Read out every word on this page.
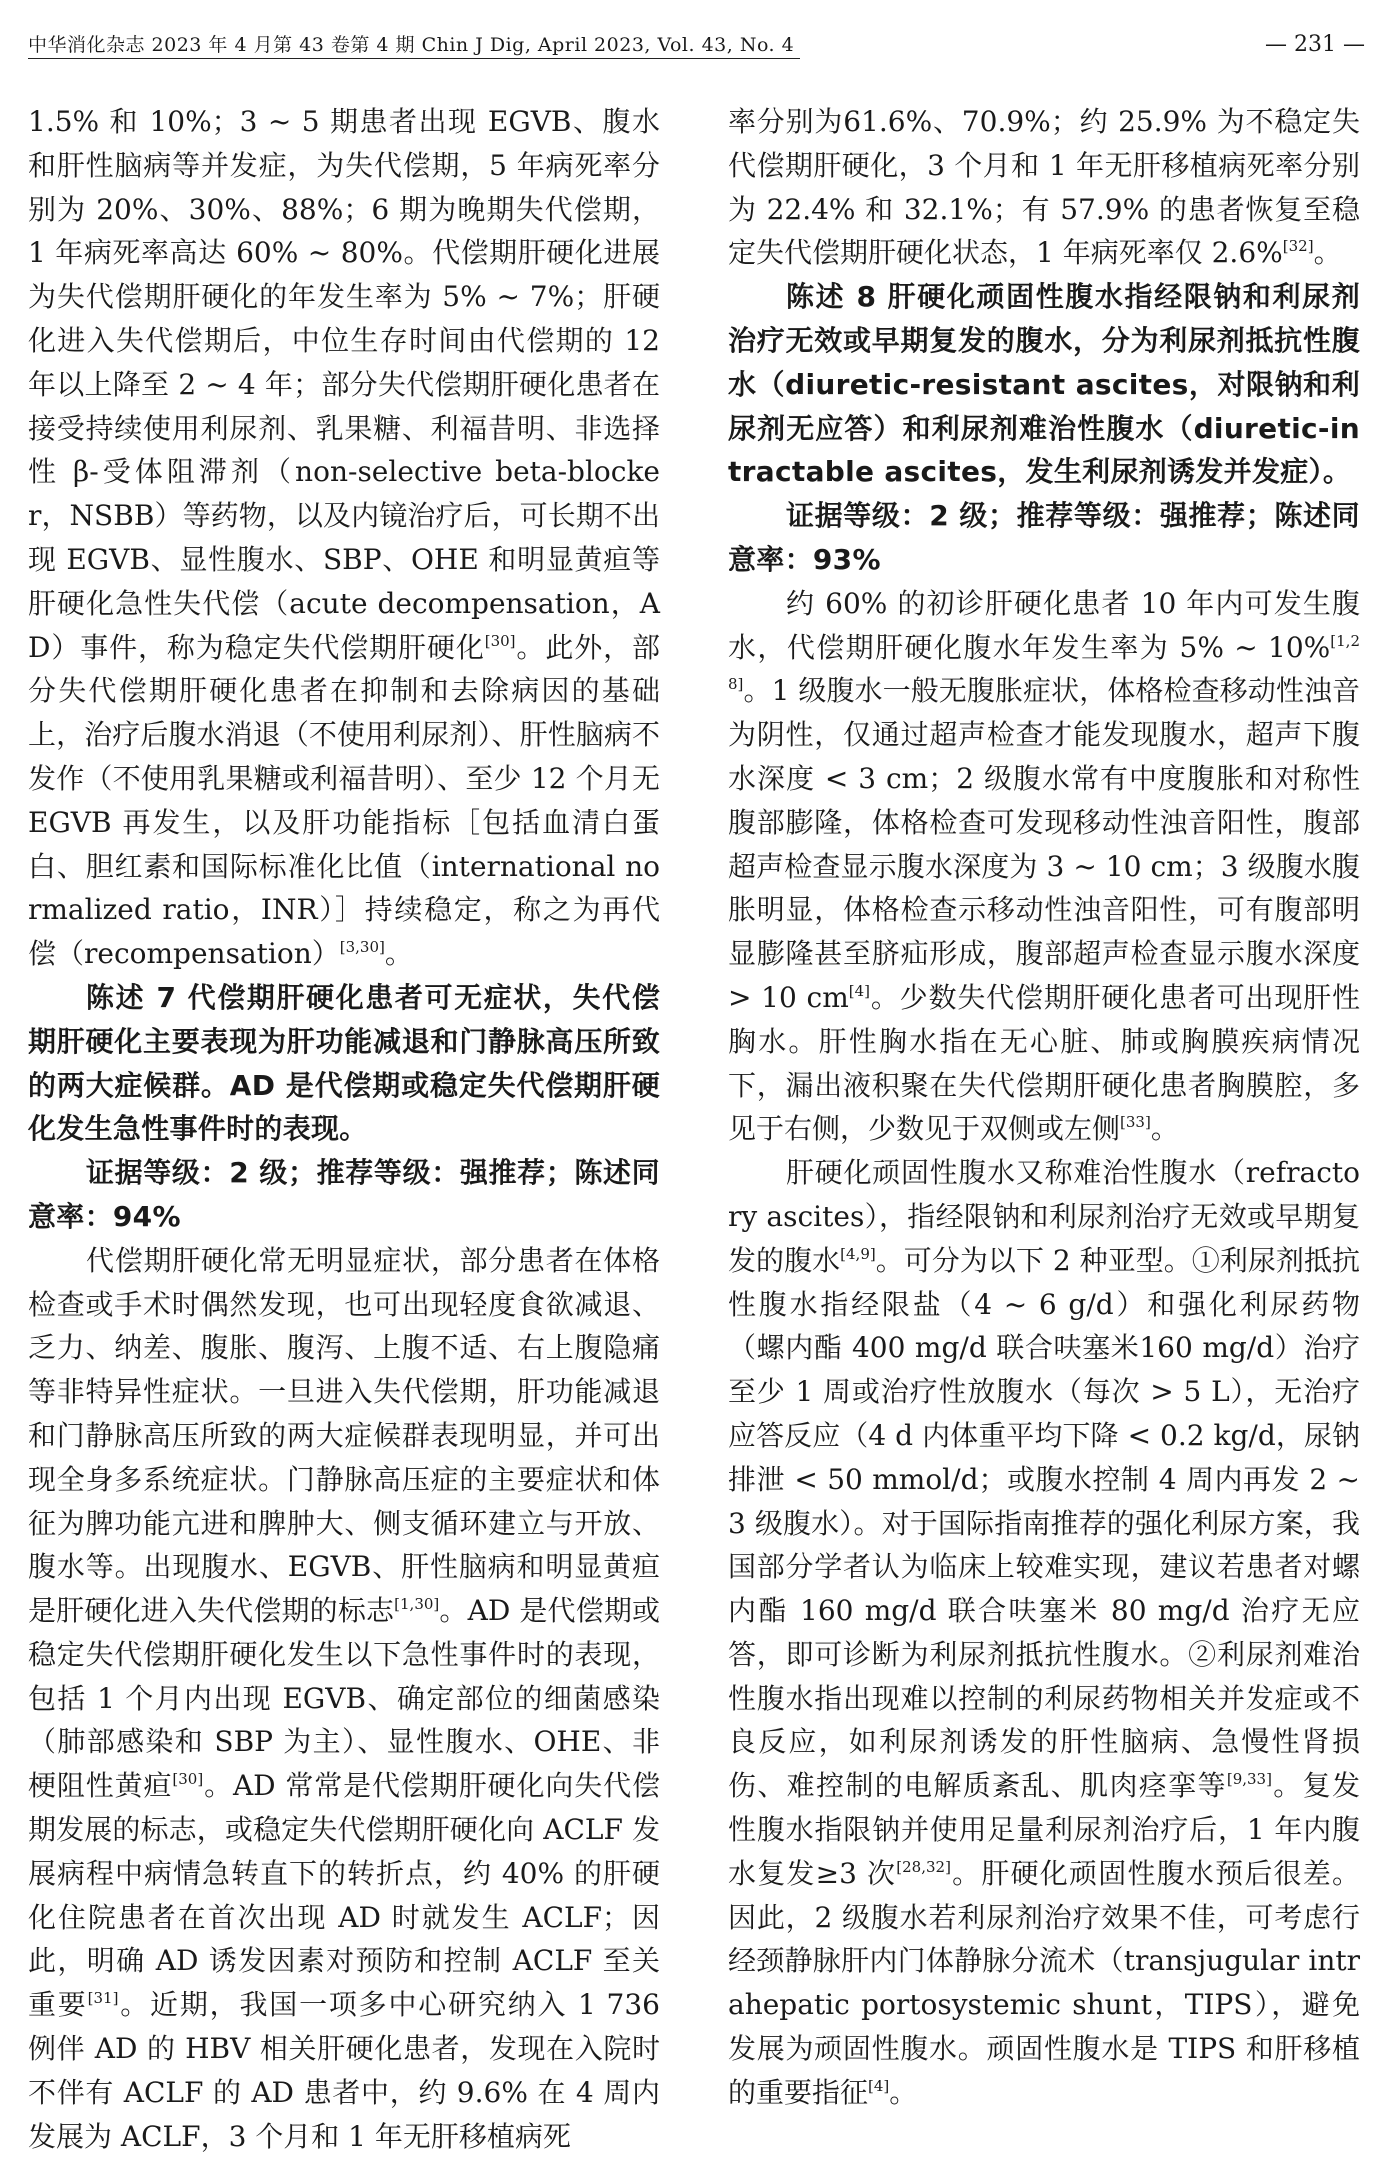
中华消化杂志 2023 年 4 月第 43 卷第 4 期 Chin J Dig, April 2023, Vol. 43, No. 4	— 231 —

1.5% 和 10%；3 ~ 5 期患者出现 EGVB、腹水和肝性脑病等并发症，为失代偿期，5 年病死率分别为 20%、30%、88%；6 期为晚期失代偿期，1 年病死率高达 60% ~ 80%。代偿期肝硬化进展为失代偿期肝硬化的年发生率为 5% ~ 7%；肝硬化进入失代偿期后，中位生存时间由代偿期的 12 年以上降至 2 ~ 4 年；部分失代偿期肝硬化患者在接受持续使用利尿剂、乳果糖、利福昔明、非选择性 β-受体阻滞剂（non-selective beta-blocker，NSBB）等药物，以及内镜治疗后，可长期不出现 EGVB、显性腹水、SBP、OHE 和明显黄疸等肝硬化急性失代偿（acute decompensation，AD）事件，称为稳定失代偿期肝硬化[30]。此外，部分失代偿期肝硬化患者在抑制和去除病因的基础上，治疗后腹水消退（不使用利尿剂）、肝性脑病不发作（不使用乳果糖或利福昔明）、至少 12 个月无 EGVB 再发生，以及肝功能指标［包括血清白蛋白、胆红素和国际标准化比值（international normalized ratio，INR）］持续稳定，称之为再代偿（recompensation）[3,30]。

陈述 7 代偿期肝硬化患者可无症状，失代偿期肝硬化主要表现为肝功能减退和门静脉高压所致的两大症候群。AD 是代偿期或稳定失代偿期肝硬化发生急性事件时的表现。

证据等级：2 级；推荐等级：强推荐；陈述同意率：94%

代偿期肝硬化常无明显症状，部分患者在体格检查或手术时偶然发现，也可出现轻度食欲减退、乏力、纳差、腹胀、腹泻、上腹不适、右上腹隐痛等非特异性症状。一旦进入失代偿期，肝功能减退和门静脉高压所致的两大症候群表现明显，并可出现全身多系统症状。门静脉高压症的主要症状和体征为脾功能亢进和脾肿大、侧支循环建立与开放、腹水等。出现腹水、EGVB、肝性脑病和明显黄疸是肝硬化进入失代偿期的标志[1,30]。AD 是代偿期或稳定失代偿期肝硬化发生以下急性事件时的表现，包括 1 个月内出现 EGVB、确定部位的细菌感染（肺部感染和 SBP 为主）、显性腹水、OHE、非梗阻性黄疸[30]。AD 常常是代偿期肝硬化向失代偿期发展的标志，或稳定失代偿期肝硬化向 ACLF 发展病程中病情急转直下的转折点，约 40% 的肝硬化住院患者在首次出现 AD 时就发生 ACLF；因此，明确 AD 诱发因素对预防和控制 ACLF 至关重要[31]。近期，我国一项多中心研究纳入 1 736 例伴 AD 的 HBV 相关肝硬化患者，发现在入院时不伴有 ACLF 的 AD 患者中，约 9.6% 在 4 周内发展为 ACLF，3 个月和 1 年无肝移植病死

率分别为61.6%、70.9%；约 25.9% 为不稳定失代偿期肝硬化，3 个月和 1 年无肝移植病死率分别为 22.4% 和 32.1%；有 57.9% 的患者恢复至稳定失代偿期肝硬化状态，1 年病死率仅 2.6%[32]。

陈述 8 肝硬化顽固性腹水指经限钠和利尿剂治疗无效或早期复发的腹水，分为利尿剂抵抗性腹水（diuretic-resistant ascites，对限钠和利尿剂无应答）和利尿剂难治性腹水（diuretic-intractable ascites，发生利尿剂诱发并发症）。

证据等级：2 级；推荐等级：强推荐；陈述同意率：93%

约 60% 的初诊肝硬化患者 10 年内可发生腹水，代偿期肝硬化腹水年发生率为 5% ~ 10%[1,28]。1 级腹水一般无腹胀症状，体格检查移动性浊音为阴性，仅通过超声检查才能发现腹水，超声下腹水深度 < 3 cm；2 级腹水常有中度腹胀和对称性腹部膨隆，体格检查可发现移动性浊音阳性，腹部超声检查显示腹水深度为 3 ~ 10 cm；3 级腹水腹胀明显，体格检查示移动性浊音阳性，可有腹部明显膨隆甚至脐疝形成，腹部超声检查显示腹水深度 > 10 cm[4]。少数失代偿期肝硬化患者可出现肝性胸水。肝性胸水指在无心脏、肺或胸膜疾病情况下，漏出液积聚在失代偿期肝硬化患者胸膜腔，多见于右侧，少数见于双侧或左侧[33]。

肝硬化顽固性腹水又称难治性腹水（refractory ascites），指经限钠和利尿剂治疗无效或早期复发的腹水[4,9]。可分为以下 2 种亚型。①利尿剂抵抗性腹水指经限盐（4 ~ 6 g/d）和强化利尿药物（螺内酯 400 mg/d 联合呋塞米160 mg/d）治疗至少 1 周或治疗性放腹水（每次 > 5 L），无治疗应答反应（4 d 内体重平均下降 < 0.2 kg/d，尿钠排泄 < 50 mmol/d；或腹水控制 4 周内再发 2 ~ 3 级腹水）。对于国际指南推荐的强化利尿方案，我国部分学者认为临床上较难实现，建议若患者对螺内酯 160 mg/d 联合呋塞米 80 mg/d 治疗无应答，即可诊断为利尿剂抵抗性腹水。②利尿剂难治性腹水指出现难以控制的利尿药物相关并发症或不良反应，如利尿剂诱发的肝性脑病、急慢性肾损伤、难控制的电解质紊乱、肌肉痉挛等[9,33]。复发性腹水指限钠并使用足量利尿剂治疗后，1 年内腹水复发≥3 次[28,32]。肝硬化顽固性腹水预后很差。因此，2 级腹水若利尿剂治疗效果不佳，可考虑行经颈静脉肝内门体静脉分流术（transjugular intrahepatic portosystemic shunt，TIPS），避免发展为顽固性腹水。顽固性腹水是 TIPS 和肝移植的重要指征[4]。
